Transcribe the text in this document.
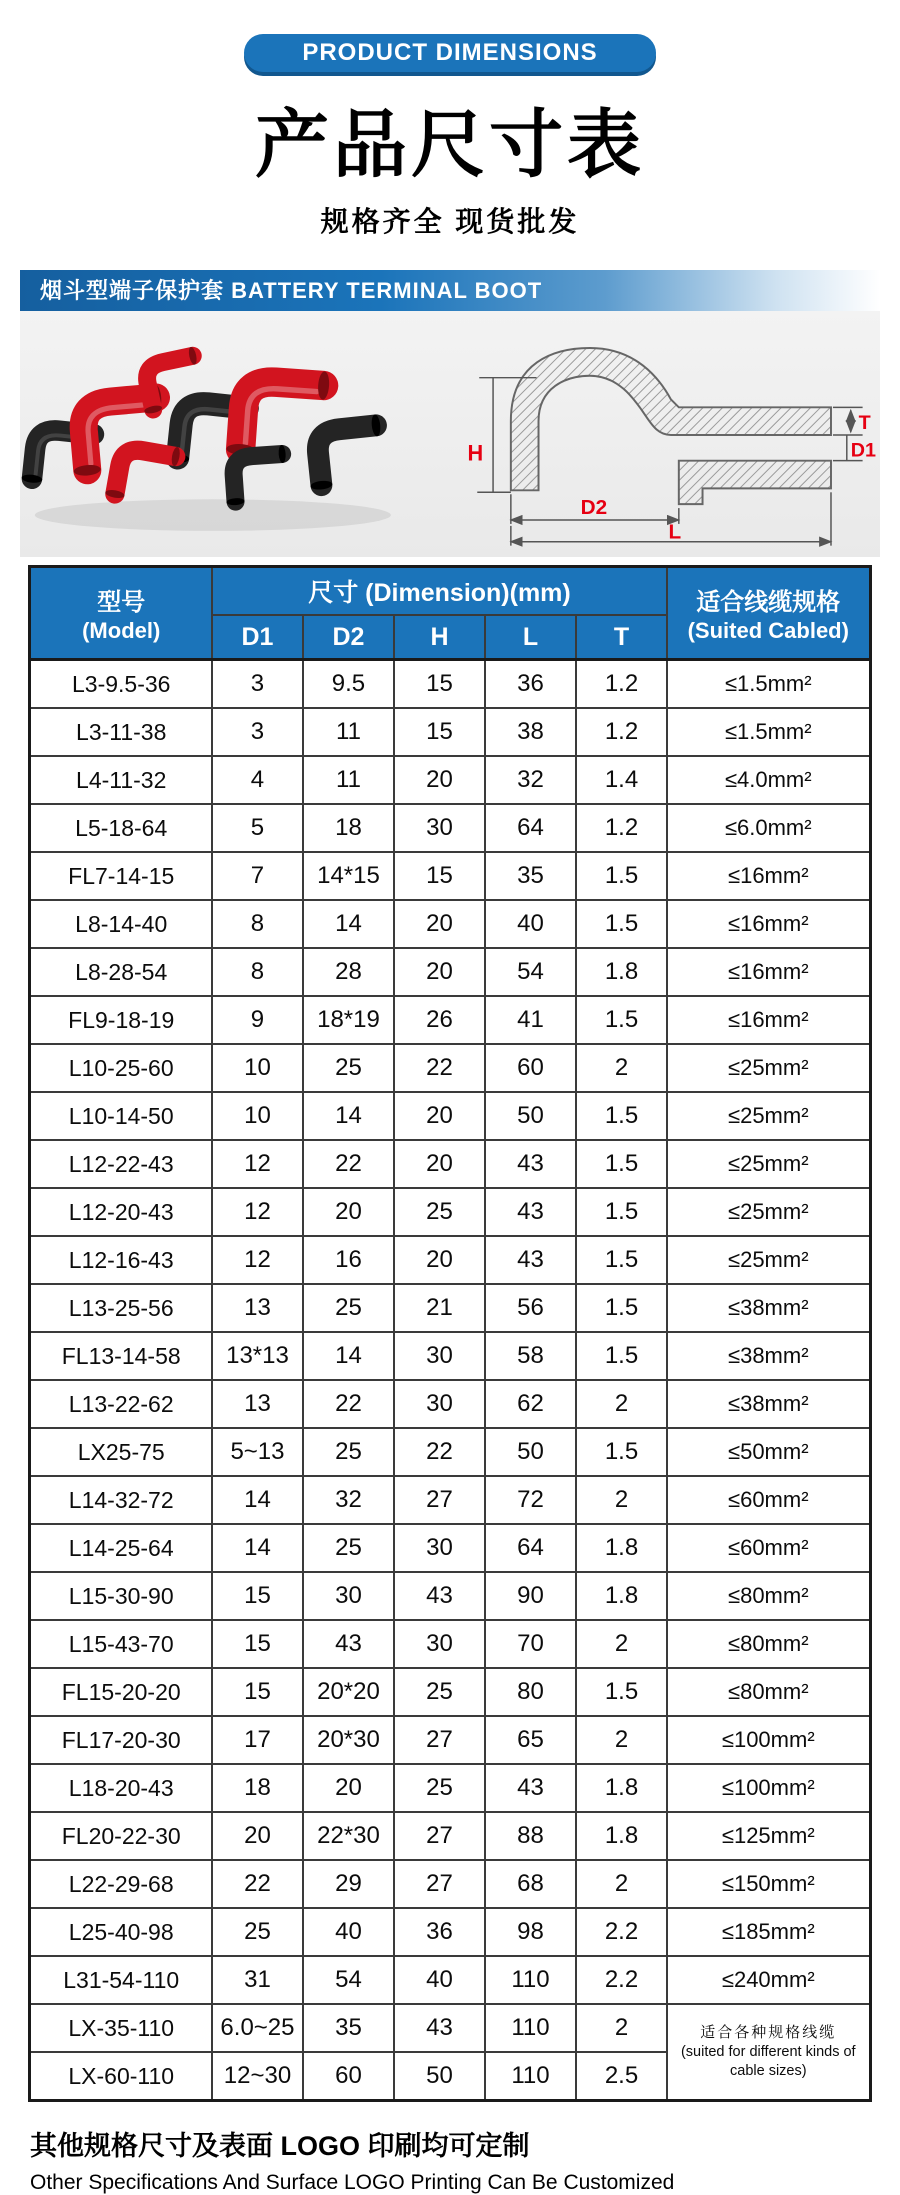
PRODUCT DIMENSIONS
产品尺寸表
规格齐全 现货批发
烟斗型端子保护套 BATTERY TERMINAL BOOT
H
D2
L
T
D1
型号
(Model)
	尺寸 (Dimension)(mm)	适合线缆规格
(Suited Cabled)

	D1	D2	H	L	T	
L3-9.5-36	3	9.5	15	36	1.2	≤1.5mm²
L3-11-38	3	11	15	38	1.2	≤1.5mm²
L4-11-32	4	11	20	32	1.4	≤4.0mm²
L5-18-64	5	18	30	64	1.2	≤6.0mm²
FL7-14-15	7	14*15	15	35	1.5	≤16mm²
L8-14-40	8	14	20	40	1.5	≤16mm²
L8-28-54	8	28	20	54	1.8	≤16mm²
FL9-18-19	9	18*19	26	41	1.5	≤16mm²
L10-25-60	10	25	22	60	2	≤25mm²
L10-14-50	10	14	20	50	1.5	≤25mm²
L12-22-43	12	22	20	43	1.5	≤25mm²
L12-20-43	12	20	25	43	1.5	≤25mm²
L12-16-43	12	16	20	43	1.5	≤25mm²
L13-25-56	13	25	21	56	1.5	≤38mm²
FL13-14-58	13*13	14	30	58	1.5	≤38mm²
L13-22-62	13	22	30	62	2	≤38mm²
LX25-75	5~13	25	22	50	1.5	≤50mm²
L14-32-72	14	32	27	72	2	≤60mm²
L14-25-64	14	25	30	64	1.8	≤60mm²
L15-30-90	15	30	43	90	1.8	≤80mm²
L15-43-70	15	43	30	70	2	≤80mm²
FL15-20-20	15	20*20	25	80	1.5	≤80mm²
FL17-20-30	17	20*30	27	65	2	≤100mm²
L18-20-43	18	20	25	43	1.8	≤100mm²
FL20-22-30	20	22*30	27	88	1.8	≤125mm²
L22-29-68	22	29	27	68	2	≤150mm²
L25-40-98	25	40	36	98	2.2	≤185mm²
L31-54-110	31	54	40	110	2.2	≤240mm²
LX-35-110	6.0~25	35	43	110	2	适合各种规格线缆
(suited for different kinds of cable sizes)

LX-60-110	12~30	60	50	110	2.5	
其他规格尺寸及表面 LOGO 印刷均可定制
Other Specifications And Surface LOGO Printing Can Be Customized
